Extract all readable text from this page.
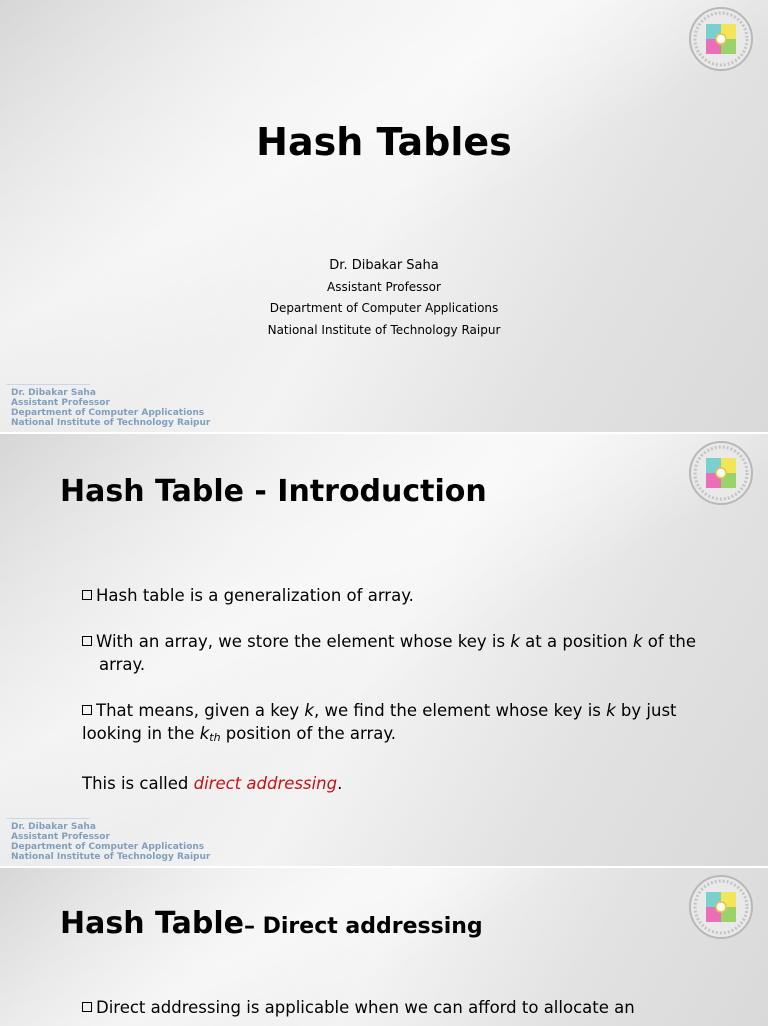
Hash Tables
Dr. Dibakar Saha
Assistant Professor
Department of Computer Applications
National Institute of Technology Raipur
Dr. Dibakar Saha
Assistant Professor
Department of Computer Applications
National Institute of Technology Raipur
Hash Table - Introduction
Hash table is a generalization of array.
With an array, we store the element whose key is k at a position k of the
array.
That means, given a key k, we find the element whose key is k by just
looking in the $k_{th}$ position of the array.
This is called direct addressing.
Dr. Dibakar Saha
Assistant Professor
Department of Computer Applications
National Institute of Technology Raipur
Hash Table– Direct addressing
Direct addressing is applicable when we can afford to allocate an
